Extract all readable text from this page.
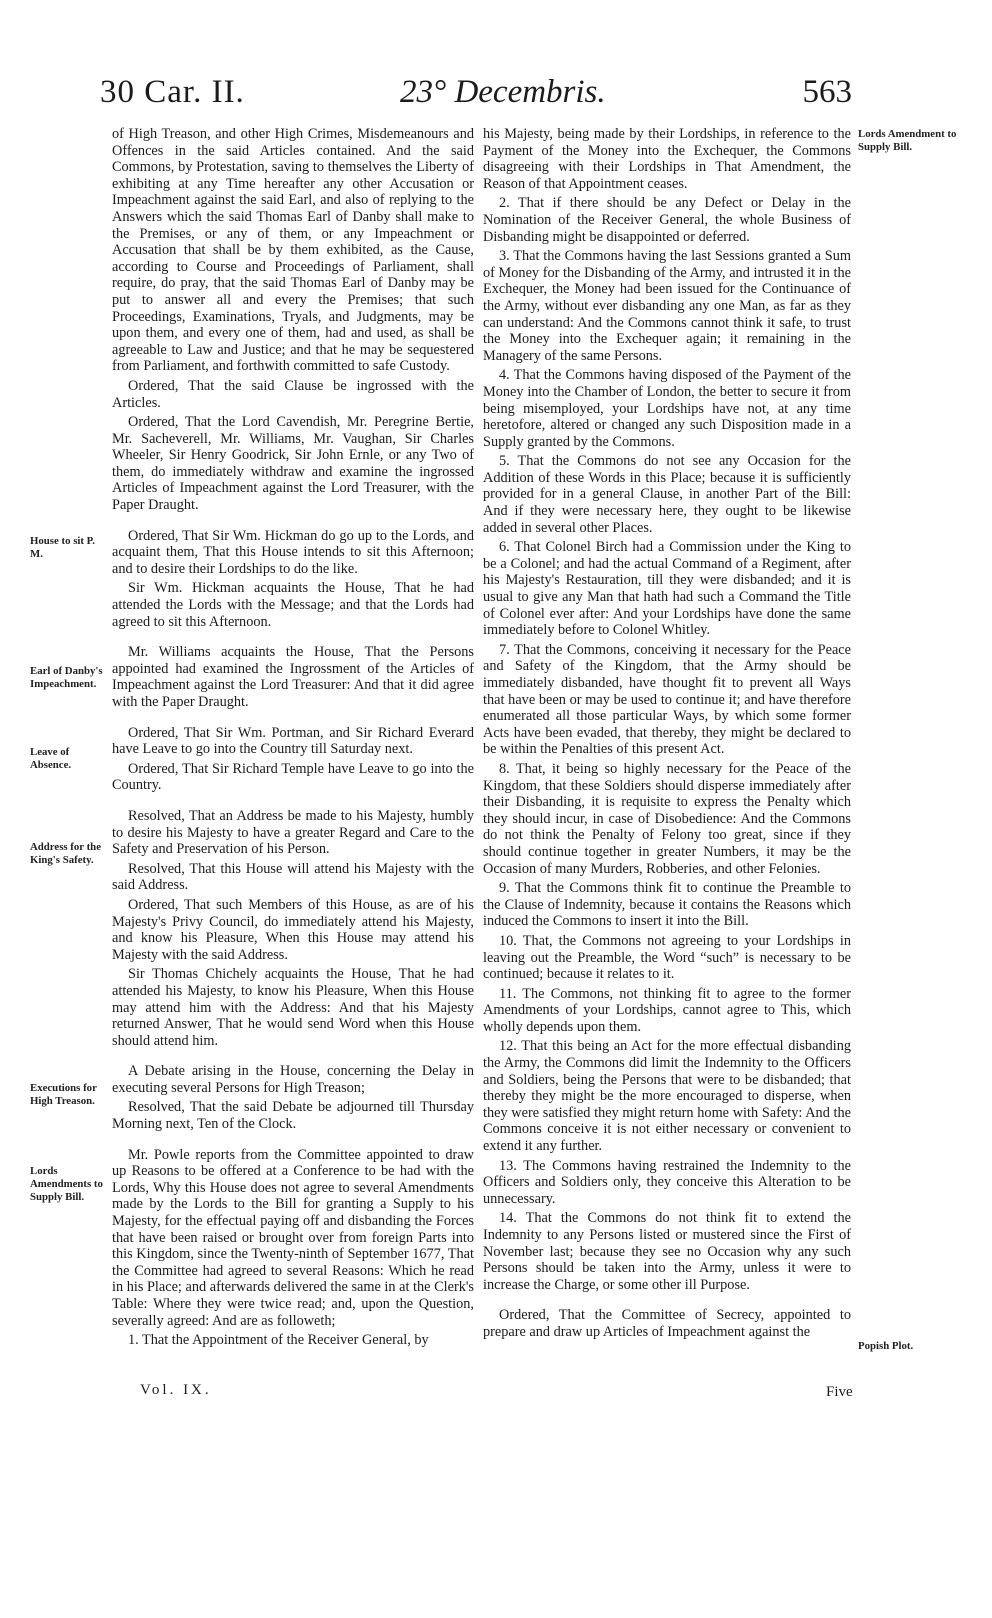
30 Car. II.	23° Decembris.	563
House to sit P. M.
Earl of Danby's Impeachment.
Leave of Absence.
Address for the King's Safety.
Executions for High Treason.
Lords Amendments to Supply Bill.
Lords Amendment to Supply Bill.
Popish Plot.

of High Treason, and other High Crimes, Misdemeanours and Offences in the said Articles contained. And the said Commons, by Protestation, saving to themselves the Liberty of exhibiting at any Time hereafter any other Accusation or Impeachment against the said Earl, and also of replying to the Answers which the said Thomas Earl of Danby shall make to the Premises, or any of them, or any Impeachment or Accusation that shall be by them exhibited, as the Cause, according to Course and Proceedings of Parliament, shall require, do pray, that the said Thomas Earl of Danby may be put to answer all and every the Premises; that such Proceedings, Examinations, Tryals, and Judgments, may be upon them, and every one of them, had and used, as shall be agreeable to Law and Justice; and that he may be sequestered from Parliament, and forthwith committed to safe Custody.

Ordered, That the said Clause be ingrossed with the Articles.

Ordered, That the Lord Cavendish, Mr. Peregrine Bertie, Mr. Sacheverell, Mr. Williams, Mr. Vaughan, Sir Charles Wheeler, Sir Henry Goodrick, Sir John Ernle, or any Two of them, do immediately withdraw and examine the ingrossed Articles of Impeachment against the Lord Treasurer, with the Paper Draught.

Ordered, That Sir Wm. Hickman do go up to the Lords, and acquaint them, That this House intends to sit this Afternoon; and to desire their Lordships to do the like.

Sir Wm. Hickman acquaints the House, That he had attended the Lords with the Message; and that the Lords had agreed to sit this Afternoon.

Mr. Williams acquaints the House, That the Persons appointed had examined the Ingrossment of the Articles of Impeachment against the Lord Treasurer: And that it did agree with the Paper Draught.

Ordered, That Sir Wm. Portman, and Sir Richard Everard have Leave to go into the Country till Saturday next.

Ordered, That Sir Richard Temple have Leave to go into the Country.

Resolved, That an Address be made to his Majesty, humbly to desire his Majesty to have a greater Regard and Care to the Safety and Preservation of his Person.

Resolved, That this House will attend his Majesty with the said Address.

Ordered, That such Members of this House, as are of his Majesty's Privy Council, do immediately attend his Majesty, and know his Pleasure, When this House may attend his Majesty with the said Address.

Sir Thomas Chichely acquaints the House, That he had attended his Majesty, to know his Pleasure, When this House may attend him with the Address: And that his Majesty returned Answer, That he would send Word when this House should attend him.

A Debate arising in the House, concerning the Delay in executing several Persons for High Treason;

Resolved, That the said Debate be adjourned till Thursday Morning next, Ten of the Clock.

Mr. Powle reports from the Committee appointed to draw up Reasons to be offered at a Conference to be had with the Lords, Why this House does not agree to several Amendments made by the Lords to the Bill for granting a Supply to his Majesty, for the effectual paying off and disbanding the Forces that have been raised or brought over from foreign Parts into this Kingdom, since the Twenty-ninth of September 1677, That the Committee had agreed to several Reasons: Which he read in his Place; and afterwards delivered the same in at the Clerk's Table: Where they were twice read; and, upon the Question, severally agreed: And are as followeth;

1. That the Appointment of the Receiver General, by

his Majesty, being made by their Lordships, in reference to the Payment of the Money into the Exchequer, the Commons disagreeing with their Lordships in That Amendment, the Reason of that Appointment ceases.

2. That if there should be any Defect or Delay in the Nomination of the Receiver General, the whole Business of Disbanding might be disappointed or deferred.

3. That the Commons having the last Sessions granted a Sum of Money for the Disbanding of the Army, and intrusted it in the Exchequer, the Money had been issued for the Continuance of the Army, without ever disbanding any one Man, as far as they can understand: And the Commons cannot think it safe, to trust the Money into the Exchequer again; it remaining in the Managery of the same Persons.

4. That the Commons having disposed of the Payment of the Money into the Chamber of London, the better to secure it from being misemployed, your Lordships have not, at any time heretofore, altered or changed any such Disposition made in a Supply granted by the Commons.

5. That the Commons do not see any Occasion for the Addition of these Words in this Place; because it is sufficiently provided for in a general Clause, in another Part of the Bill: And if they were necessary here, they ought to be likewise added in several other Places.

6. That Colonel Birch had a Commission under the King to be a Colonel; and had the actual Command of a Regiment, after his Majesty's Restauration, till they were disbanded; and it is usual to give any Man that hath had such a Command the Title of Colonel ever after: And your Lordships have done the same immediately before to Colonel Whitley.

7. That the Commons, conceiving it necessary for the Peace and Safety of the Kingdom, that the Army should be immediately disbanded, have thought fit to prevent all Ways that have been or may be used to continue it; and have therefore enumerated all those particular Ways, by which some former Acts have been evaded, that thereby, they might be declared to be within the Penalties of this present Act.

8. That, it being so highly necessary for the Peace of the Kingdom, that these Soldiers should disperse immediately after their Disbanding, it is requisite to express the Penalty which they should incur, in case of Disobedience: And the Commons do not think the Penalty of Felony too great, since if they should continue together in greater Numbers, it may be the Occasion of many Murders, Robberies, and other Felonies.

9. That the Commons think fit to continue the Preamble to the Clause of Indemnity, because it contains the Reasons which induced the Commons to insert it into the Bill.

10. That, the Commons not agreeing to your Lordships in leaving out the Preamble, the Word “such” is necessary to be continued; because it relates to it.

11. The Commons, not thinking fit to agree to the former Amendments of your Lordships, cannot agree to This, which wholly depends upon them.

12. That this being an Act for the more effectual disbanding the Army, the Commons did limit the Indemnity to the Officers and Soldiers, being the Persons that were to be disbanded; that thereby they might be the more encouraged to disperse, when they were satisfied they might return home with Safety: And the Commons conceive it is not either necessary or convenient to extend it any further.

13. The Commons having restrained the Indemnity to the Officers and Soldiers only, they conceive this Alteration to be unnecessary.

14. That the Commons do not think fit to extend the Indemnity to any Persons listed or mustered since the First of November last; because they see no Occasion why any such Persons should be taken into the Army, unless it were to increase the Charge, or some other ill Purpose.

Ordered, That the Committee of Secrecy, appointed to prepare and draw up Articles of Impeachment against the

Vol. IX.	Five
